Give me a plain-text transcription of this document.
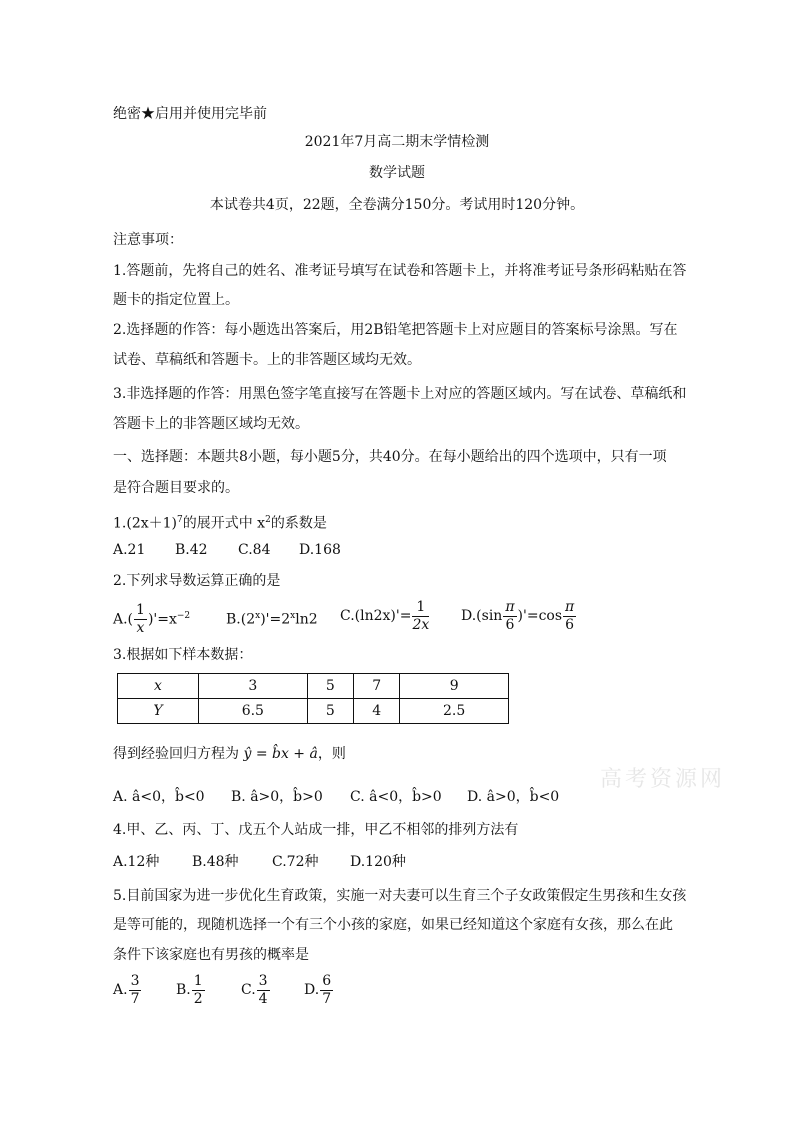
绝密★启用并使用完毕前
2021年7月高二期末学情检测
数学试题
本试卷共4页，22题，全卷满分150分。考试用时120分钟。
注意事项：
1.答题前，先将自己的姓名、准考证号填写在试卷和答题卡上，并将准考证号条形码粘贴在答
题卡的指定位置上。
2.选择题的作答：每小题选出答案后，用2B铅笔把答题卡上对应题目的答案标号涂黑。写在
试卷、草稿纸和答题卡。上的非答题区域均无效。
3.非选择题的作答：用黑色签字笔直接写在答题卡上对应的答题区域内。写在试卷、草稿纸和
答题卡上的非答题区域均无效。
一、选择题：本题共8小题，每小题5分，共40分。在每小题给出的四个选项中，只有一项
是符合题目要求的。
$1.(2x+1)^7$的展开式中 $x^2$的系数是
A.21 B.42 C.84 D.168
2.下列求导数运算正确的是
$A.( \frac{1}{x} )'=x^{-2}$	$B.(2^x)'=2^x\ln 2$ $C.(\ln 2x)'= \frac{1}{2x} D.(\sin \frac{\pi}{6} )'=\cos \frac{\pi}{6}$
3.根据如下样本数据：
x	3	5	7	9
Y	6.5	5	4	2.5
得到经验回归方程为 ŷ = b̂x + â，则
A. â<0，b̂<0 B. â>0，b̂>0 C. â<0，b̂>0 D. â>0，b̂<0
4.甲、乙、丙、丁、戊五个人站成一排，甲乙不相邻的排列方法有
A.12种 B.48种 C.72种 D.120种
5.目前国家为进一步优化生育政策，实施一对夫妻可以生育三个子女政策假定生男孩和生女孩
是等可能的，现随机选择一个有三个小孩的家庭，如果已经知道这个家庭有女孩，那么在此
条件下该家庭也有男孩的概率是
A. $\frac{3}{7} B$. $\frac{1}{2}$	C. $\frac{3}{4} D$. $\frac{6}{7}$
高考资源网
